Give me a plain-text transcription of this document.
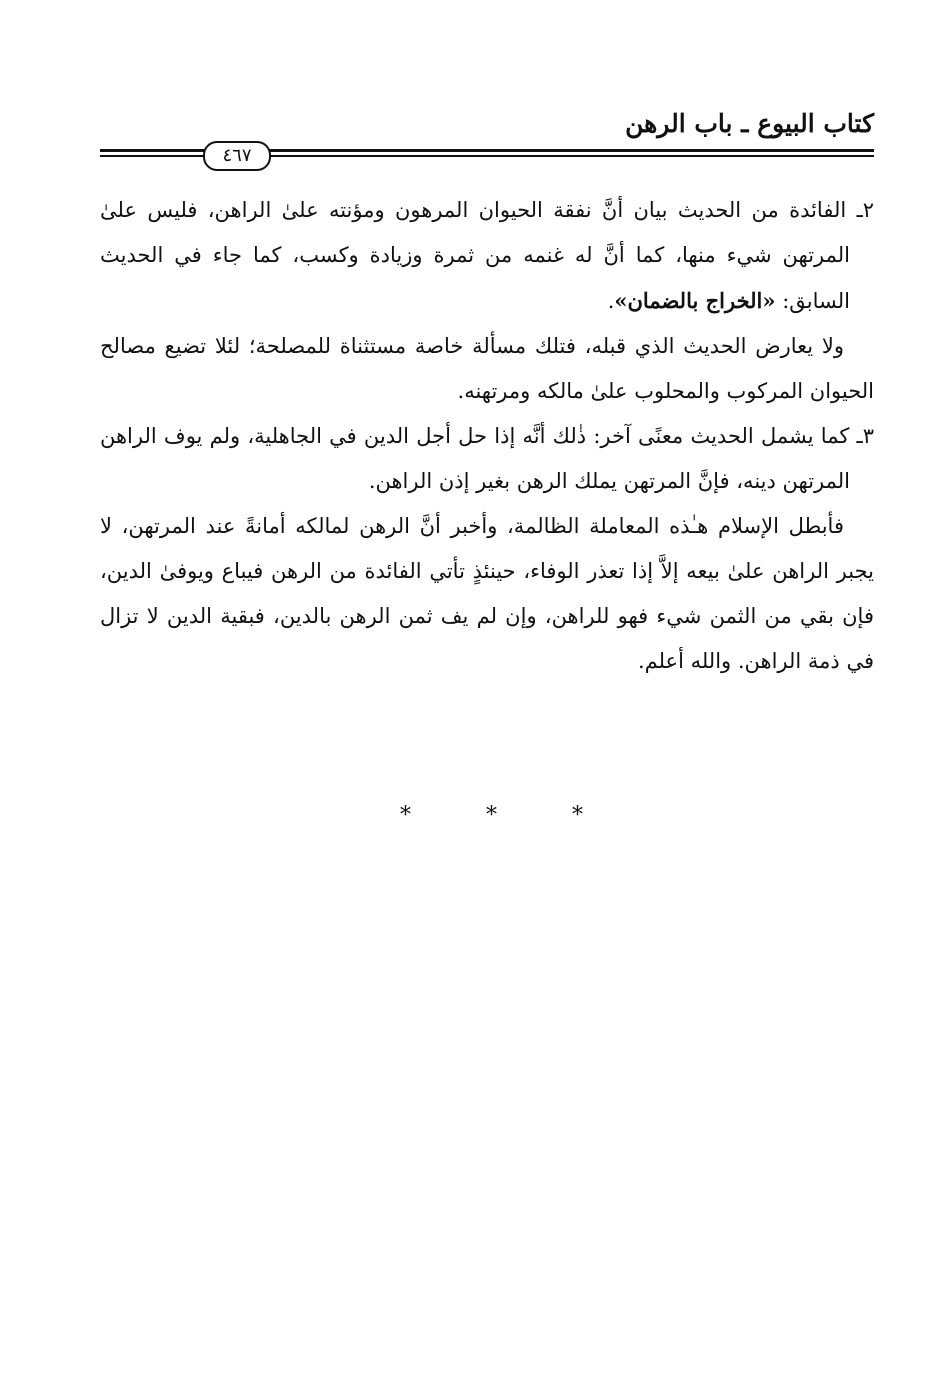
كتاب البيوع ـ باب الرهن
٤٦٧

٢ـ الفائدة من الحديث بيان أنَّ نفقة الحيوان المرهون ومؤنته علىٰ الراهن، فليس علىٰ المرتهن شيء منها، كما أنَّ له غنمه من ثمرة وزيادة وكسب، كما جاء في الحديث السابق: «الخراج بالضمان».

ولا يعارض الحديث الذي قبله، فتلك مسألة خاصة مستثناة للمصلحة؛ لئلا تضيع مصالح الحيوان المركوب والمحلوب علىٰ مالكه ومرتهنه.

٣ـ كما يشمل الحديث معنًى آخر: ذٰلك أنَّه إذا حل أجل الدين في الجاهلية، ولم يوف الراهن المرتهن دينه، فإنَّ المرتهن يملك الرهن بغير إذن الراهن.

فأبطل الإسلام هـٰذه المعاملة الظالمة، وأخبر أنَّ الرهن لمالكه أمانةً عند المرتهن، لا يجبر الراهن علىٰ بيعه إلاَّ إذا تعذر الوفاء، حينئذٍ تأتي الفائدة من الرهن فيباع ويوفىٰ الدين، فإن بقي من الثمن شيء فهو للراهن، وإن لم يف ثمن الرهن بالدين، فبقية الدين لا تزال في ذمة الراهن. والله أعلم.

* * *
